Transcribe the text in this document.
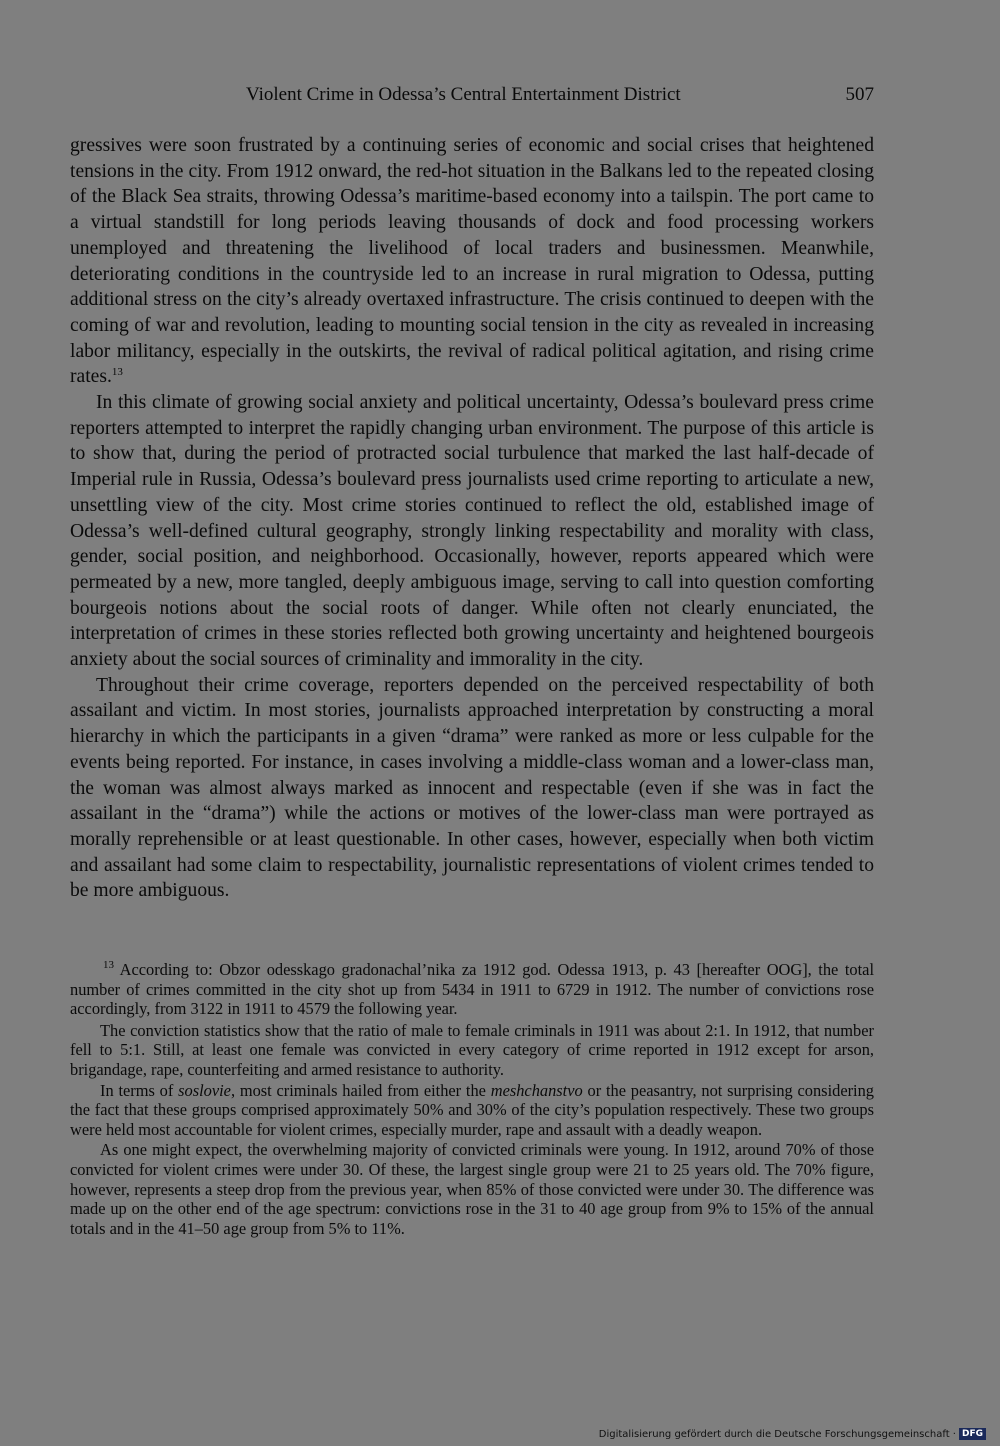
Violent Crime in Odessa’s Central Entertainment District	507

gressives were soon frustrated by a continuing series of economic and social crises that heightened tensions in the city. From 1912 onward, the red-hot situation in the Balkans led to the repeated closing of the Black Sea straits, throwing Odessa’s maritime-based economy into a tailspin. The port came to a virtual standstill for long periods leaving thousands of dock and food processing workers unemployed and threatening the livelihood of local traders and businessmen. Meanwhile, deteriorating conditions in the countryside led to an increase in rural migration to Odessa, putting additional stress on the city’s already overtaxed infrastructure. The crisis continued to deepen with the coming of war and revolution, leading to mounting social tension in the city as revealed in increasing labor militancy, especially in the outskirts, the revival of radical political agitation, and rising crime rates.$^{13}$

In this climate of growing social anxiety and political uncertainty, Odessa’s boulevard press crime reporters attempted to interpret the rapidly changing urban environment. The purpose of this article is to show that, during the period of protracted social turbulence that marked the last half-decade of Imperial rule in Russia, Odessa’s boulevard press journalists used crime reporting to articulate a new, unsettling view of the city. Most crime stories continued to reflect the old, established image of Odessa’s well-defined cultural geography, strongly linking respectability and morality with class, gender, social position, and neighborhood. Occasionally, however, reports appeared which were permeated by a new, more tangled, deeply ambiguous image, serving to call into question comforting bourgeois notions about the social roots of danger. While often not clearly enunciated, the interpretation of crimes in these stories reflected both growing uncertainty and heightened bourgeois anxiety about the social sources of criminality and immorality in the city.

Throughout their crime coverage, reporters depended on the perceived respectability of both assailant and victim. In most stories, journalists approached interpretation by constructing a moral hierarchy in which the participants in a given “drama” were ranked as more or less culpable for the events being reported. For instance, in cases involving a middle-class woman and a lower-class man, the woman was almost always marked as innocent and respectable (even if she was in fact the assailant in the “drama”) while the actions or motives of the lower-class man were portrayed as morally reprehensible or at least questionable. In other cases, however, especially when both victim and assailant had some claim to respectability, journalistic representations of violent crimes tended to be more ambiguous.

$^{13}$ According to: Obzor odesskago gradonachal’nika za 1912 god. Odessa 1913, p. 43 [hereafter OOG], the total number of crimes committed in the city shot up from 5434 in 1911 to 6729 in 1912. The number of convictions rose accordingly, from 3122 in 1911 to 4579 the following year.

The conviction statistics show that the ratio of male to female criminals in 1911 was about 2:1. In 1912, that number fell to 5:1. Still, at least one female was convicted in every category of crime reported in 1912 except for arson, brigandage, rape, counterfeiting and armed resistance to authority.

In terms of soslovie, most criminals hailed from either the meshchanstvo or the peasantry, not surprising considering the fact that these groups comprised approximately 50% and 30% of the city’s population respectively. These two groups were held most accountable for violent crimes, especially murder, rape and assault with a deadly weapon.

As one might expect, the overwhelming majority of convicted criminals were young. In 1912, around 70% of those convicted for violent crimes were under 30. Of these, the largest single group were 21 to 25 years old. The 70% figure, however, represents a steep drop from the previous year, when 85% of those convicted were under 30. The difference was made up on the other end of the age spectrum: convictions rose in the 31 to 40 age group from 9% to 15% of the annual totals and in the 41–50 age group from 5% to 11%.

Digitalisierung gefördert durch die Deutsche Forschungsgemeinschaft · DFG
